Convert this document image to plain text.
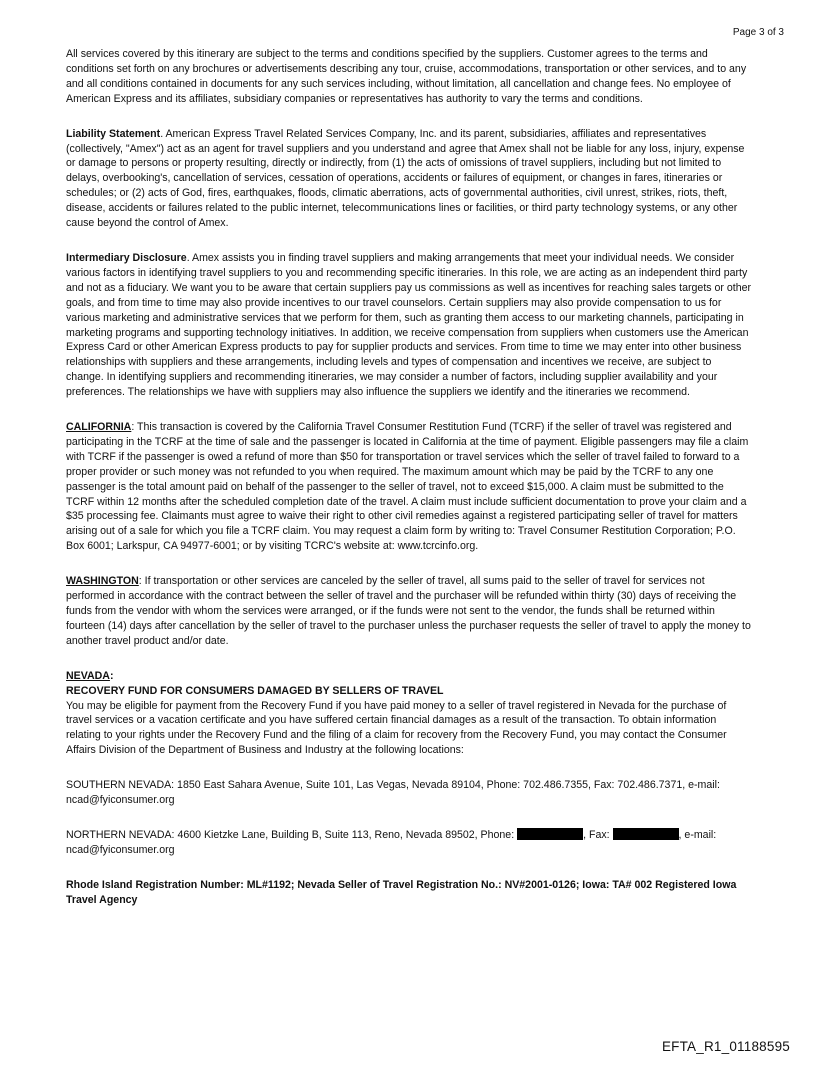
Page 3 of 3

All services covered by this itinerary are subject to the terms and conditions specified by the suppliers. Customer agrees to the terms and conditions set forth on any brochures or advertisements describing any tour, cruise, accommodations, transportation or other services, and to any and all conditions contained in documents for any such services including, without limitation, all cancellation and change fees. No employee of American Express and its affiliates, subsidiary companies or representatives has authority to vary the terms and conditions.

Liability Statement. American Express Travel Related Services Company, Inc. and its parent, subsidiaries, affiliates and representatives (collectively, "Amex") act as an agent for travel suppliers and you understand and agree that Amex shall not be liable for any loss, injury, expense or damage to persons or property resulting, directly or indirectly, from (1) the acts of omissions of travel suppliers, including but not limited to delays, overbooking's, cancellation of services, cessation of operations, accidents or failures of equipment, or changes in fares, itineraries or schedules; or (2) acts of God, fires, earthquakes, floods, climatic aberrations, acts of governmental authorities, civil unrest, strikes, riots, theft, disease, accidents or failures related to the public internet, telecommunications lines or facilities, or third party technology systems, or any other cause beyond the control of Amex.

Intermediary Disclosure. Amex assists you in finding travel suppliers and making arrangements that meet your individual needs. We consider various factors in identifying travel suppliers to you and recommending specific itineraries. In this role, we are acting as an independent third party and not as a fiduciary. We want you to be aware that certain suppliers pay us commissions as well as incentives for reaching sales targets or other goals, and from time to time may also provide incentives to our travel counselors. Certain suppliers may also provide compensation to us for various marketing and administrative services that we perform for them, such as granting them access to our marketing channels, participating in marketing programs and supporting technology initiatives. In addition, we receive compensation from suppliers when customers use the American Express Card or other American Express products to pay for supplier products and services. From time to time we may enter into other business relationships with suppliers and these arrangements, including levels and types of compensation and incentives we receive, are subject to change. In identifying suppliers and recommending itineraries, we may consider a number of factors, including supplier availability and your preferences. The relationships we have with suppliers may also influence the suppliers we identify and the itineraries we recommend.

CALIFORNIA: This transaction is covered by the California Travel Consumer Restitution Fund (TCRF) if the seller of travel was registered and participating in the TCRF at the time of sale and the passenger is located in California at the time of payment. Eligible passengers may file a claim with TCRF if the passenger is owed a refund of more than $50 for transportation or travel services which the seller of travel failed to forward to a proper provider or such money was not refunded to you when required. The maximum amount which may be paid by the TCRF to any one passenger is the total amount paid on behalf of the passenger to the seller of travel, not to exceed $15,000. A claim must be submitted to the TCRF within 12 months after the scheduled completion date of the travel. A claim must include sufficient documentation to prove your claim and a $35 processing fee. Claimants must agree to waive their right to other civil remedies against a registered participating seller of travel for matters arising out of a sale for which you file a TCRF claim. You may request a claim form by writing to: Travel Consumer Restitution Corporation; P.O. Box 6001; Larkspur, CA 94977-6001; or by visiting TCRC's website at: www.tcrcinfo.org.

WASHINGTON: If transportation or other services are canceled by the seller of travel, all sums paid to the seller of travel for services not performed in accordance with the contract between the seller of travel and the purchaser will be refunded within thirty (30) days of receiving the funds from the vendor with whom the services were arranged, or if the funds were not sent to the vendor, the funds shall be returned within fourteen (14) days after cancellation by the seller of travel to the purchaser unless the purchaser requests the seller of travel to apply the money to another travel product and/or date.

NEVADA:
RECOVERY FUND FOR CONSUMERS DAMAGED BY SELLERS OF TRAVEL
You may be eligible for payment from the Recovery Fund if you have paid money to a seller of travel registered in Nevada for the purchase of travel services or a vacation certificate and you have suffered certain financial damages as a result of the transaction. To obtain information relating to your rights under the Recovery Fund and the filing of a claim for recovery from the Recovery Fund, you may contact the Consumer Affairs Division of the Department of Business and Industry at the following locations:

SOUTHERN NEVADA: 1850 East Sahara Avenue, Suite 101, Las Vegas, Nevada 89104, Phone: 702.486.7355, Fax: 702.486.7371, e-mail: ncad@fyiconsumer.org

NORTHERN NEVADA: 4600 Kietzke Lane, Building B, Suite 113, Reno, Nevada 89502, Phone:	, Fax:	, e-mail: ncad@fyiconsumer.org

Rhode Island Registration Number: ML#1192; Nevada Seller of Travel Registration No.: NV#2001-0126; Iowa: TA# 002 Registered Iowa Travel Agency

EFTA_R1_01188595
